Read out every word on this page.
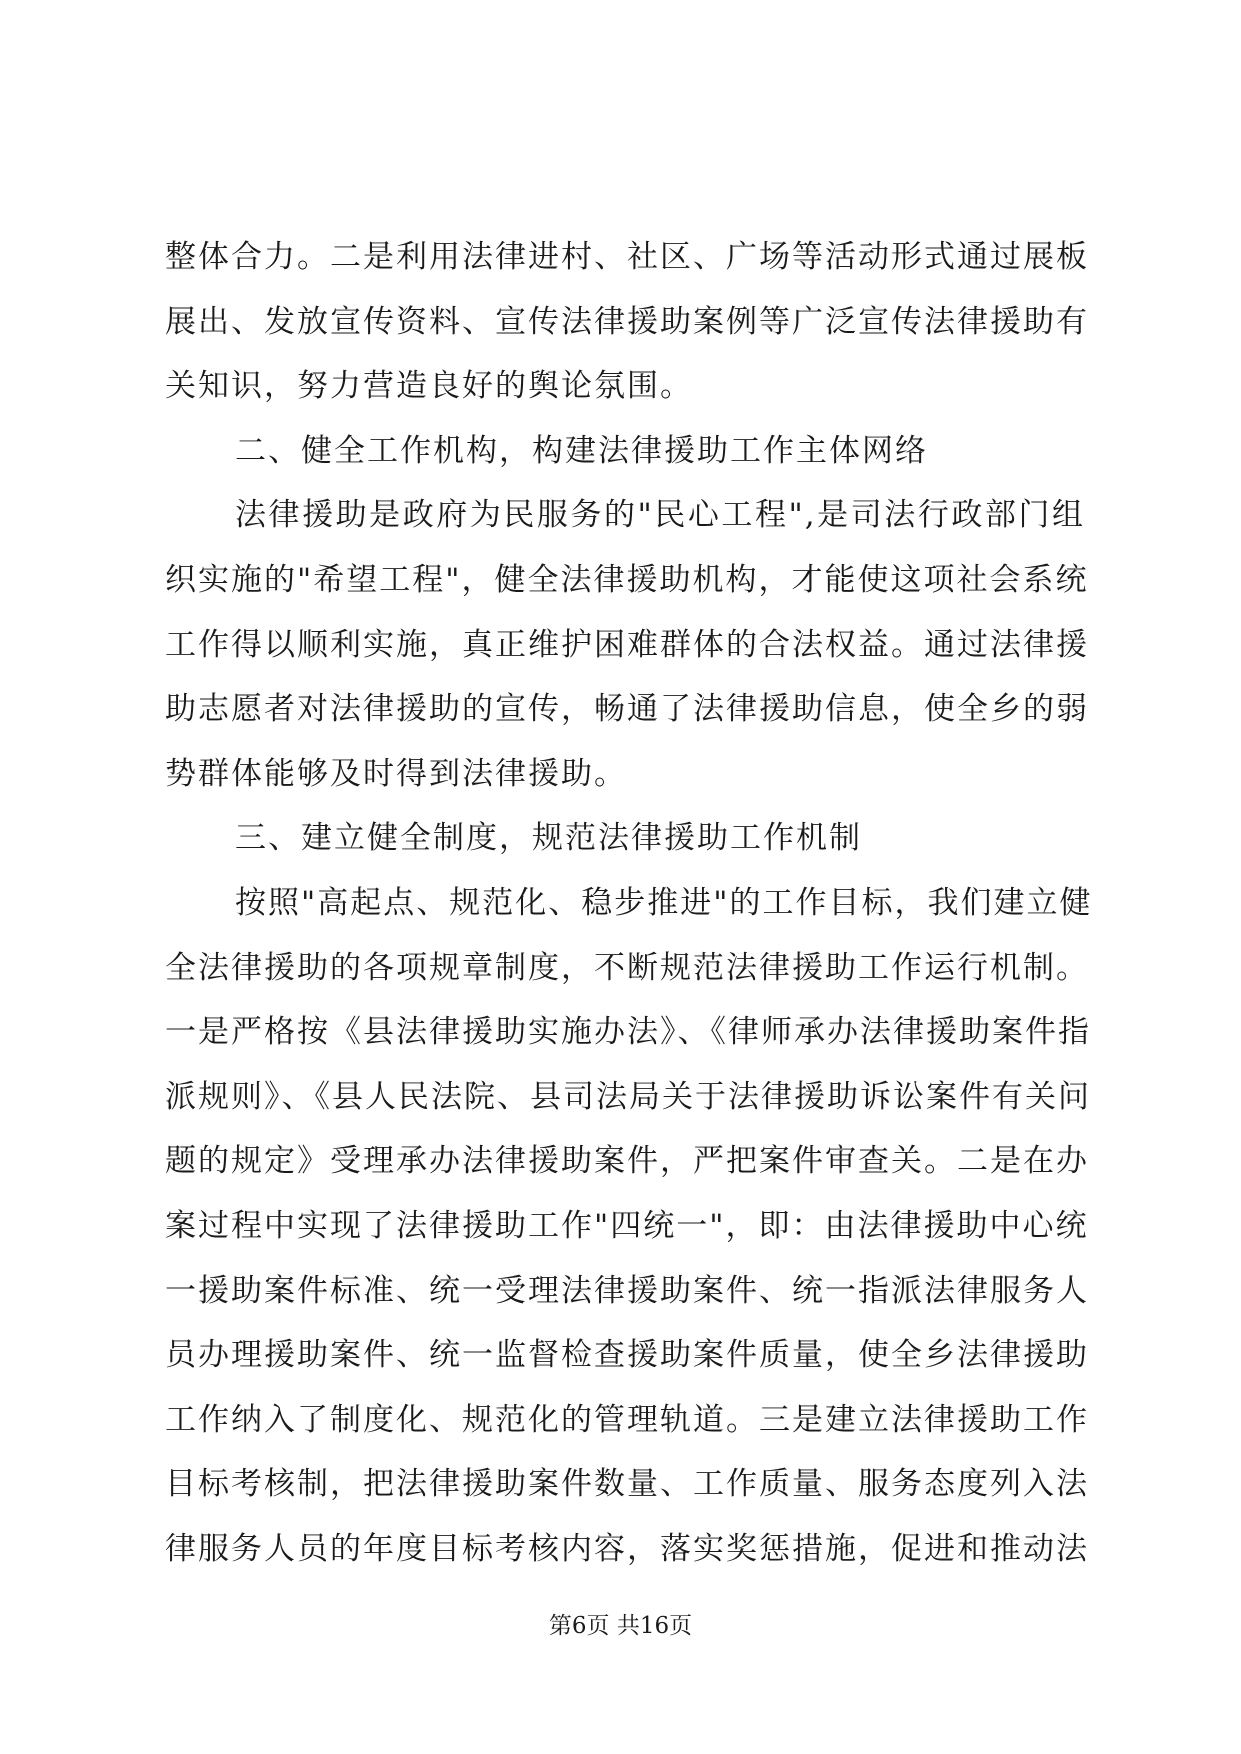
整体合力。二是利用法律进村、社区、广场等活动形式通过展板
展出、发放宣传资料、宣传法律援助案例等广泛宣传法律援助有
关知识，努力营造良好的舆论氛围。
二、健全工作机构，构建法律援助工作主体网络
法律援助是政府为民服务的"民心工程",是司法行政部门组
织实施的"希望工程"，健全法律援助机构，才能使这项社会系统
工作得以顺利实施，真正维护困难群体的合法权益。通过法律援
助志愿者对法律援助的宣传，畅通了法律援助信息，使全乡的弱
势群体能够及时得到法律援助。
三、建立健全制度，规范法律援助工作机制
按照"高起点、规范化、稳步推进"的工作目标，我们建立健
全法律援助的各项规章制度，不断规范法律援助工作运行机制。
一是严格按《县法律援助实施办法》、《律师承办法律援助案件指
派规则》、《县人民法院、县司法局关于法律援助诉讼案件有关问
题的规定》受理承办法律援助案件，严把案件审查关。二是在办
案过程中实现了法律援助工作"四统一"，即：由法律援助中心统
一援助案件标准、统一受理法律援助案件、统一指派法律服务人
员办理援助案件、统一监督检查援助案件质量，使全乡法律援助
工作纳入了制度化、规范化的管理轨道。三是建立法律援助工作
目标考核制，把法律援助案件数量、工作质量、服务态度列入法
律服务人员的年度目标考核内容，落实奖惩措施，促进和推动法
第6页 共16页
